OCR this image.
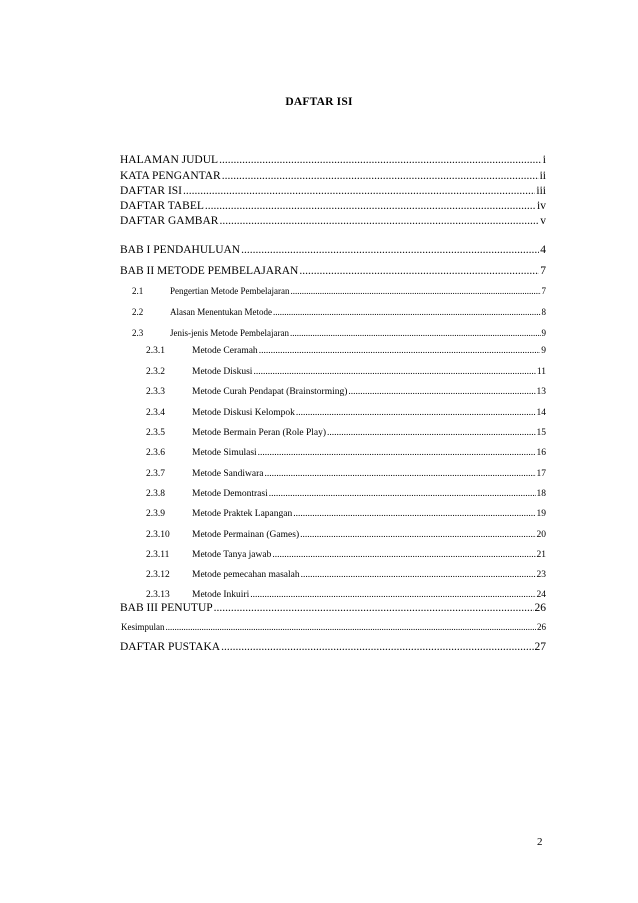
DAFTAR ISI
HALAMAN JUDUL .....	i
KATA PENGANTAR .....	ii
DAFTAR ISI .....	iii
DAFTAR TABEL .....	iv
DAFTAR GAMBAR .....	v
BAB I PENDAHULUAN .....	4
BAB II METODE PEMBELAJARAN .....	7
2.1	Pengertian Metode Pembelajaran .....	7
2.2	Alasan Menentukan Metode .....	8
2.3	Jenis-jenis Metode Pembelajaran .....	9
2.3.1	Metode Ceramah .....	9
2.3.2	Metode Diskusi .....	11
2.3.3	Metode Curah Pendapat (Brainstorming) .....	13
2.3.4	Metode Diskusi Kelompok .....	14
2.3.5	Metode Bermain Peran (Role Play) .....	15
2.3.6	Metode Simulasi .....	16
2.3.7	Metode Sandiwara .....	17
2.3.8	Metode Demontrasi .....	18
2.3.9	Metode Praktek Lapangan .....	19
2.3.10	Metode Permainan (Games) .....	20
2.3.11	Metode Tanya jawab .....	21
2.3.12	Metode pemecahan masalah .....	23
2.3.13	Metode Inkuiri .....	24
BAB III PENUTUP .....	26
Kesimpulan .....	26
DAFTAR PUSTAKA .....	27
2
